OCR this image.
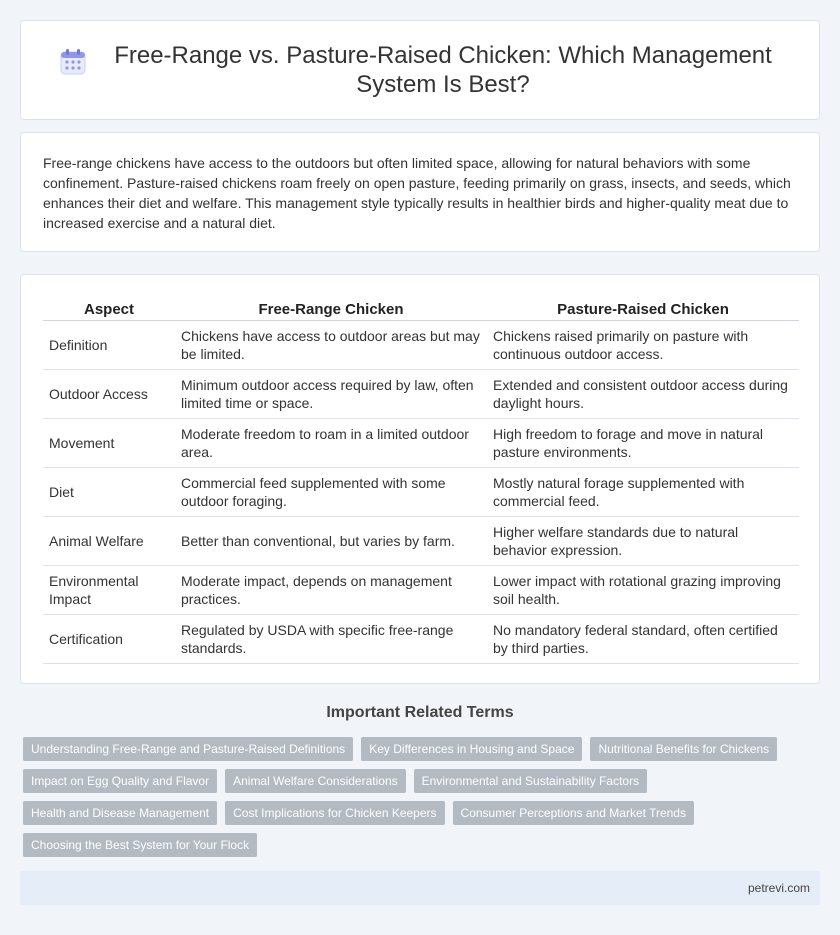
Free-Range vs. Pasture-Raised Chicken: Which Management System Is Best?

Free-range chickens have access to the outdoors but often limited space, allowing for natural behaviors with some confinement. Pasture-raised chickens roam freely on open pasture, feeding primarily on grass, insects, and seeds, which enhances their diet and welfare. This management style typically results in healthier birds and higher-quality meat due to increased exercise and a natural diet.

Aspect	Free-Range Chicken	Pasture-Raised Chicken
Definition	Chickens have access to outdoor areas but may be limited.	Chickens raised primarily on pasture with continuous outdoor access.
Outdoor Access	Minimum outdoor access required by law, often limited time or space.	Extended and consistent outdoor access during daylight hours.
Movement	Moderate freedom to roam in a limited outdoor area.	High freedom to forage and move in natural pasture environments.
Diet	Commercial feed supplemented with some outdoor foraging.	Mostly natural forage supplemented with commercial feed.
Animal Welfare	Better than conventional, but varies by farm.	Higher welfare standards due to natural behavior expression.
Environmental Impact	Moderate impact, depends on management practices.	Lower impact with rotational grazing improving soil health.
Certification	Regulated by USDA with specific free-range standards.	No mandatory federal standard, often certified by third parties.
Important Related Terms
Understanding Free-Range and Pasture-Raised Definitions	Key Differences in Housing and Space	Nutritional Benefits for Chickens
Impact on Egg Quality and Flavor	Animal Welfare Considerations	Environmental and Sustainability Factors
Health and Disease Management	Cost Implications for Chicken Keepers	Consumer Perceptions and Market Trends
Choosing the Best System for Your Flock
petrevi.com
